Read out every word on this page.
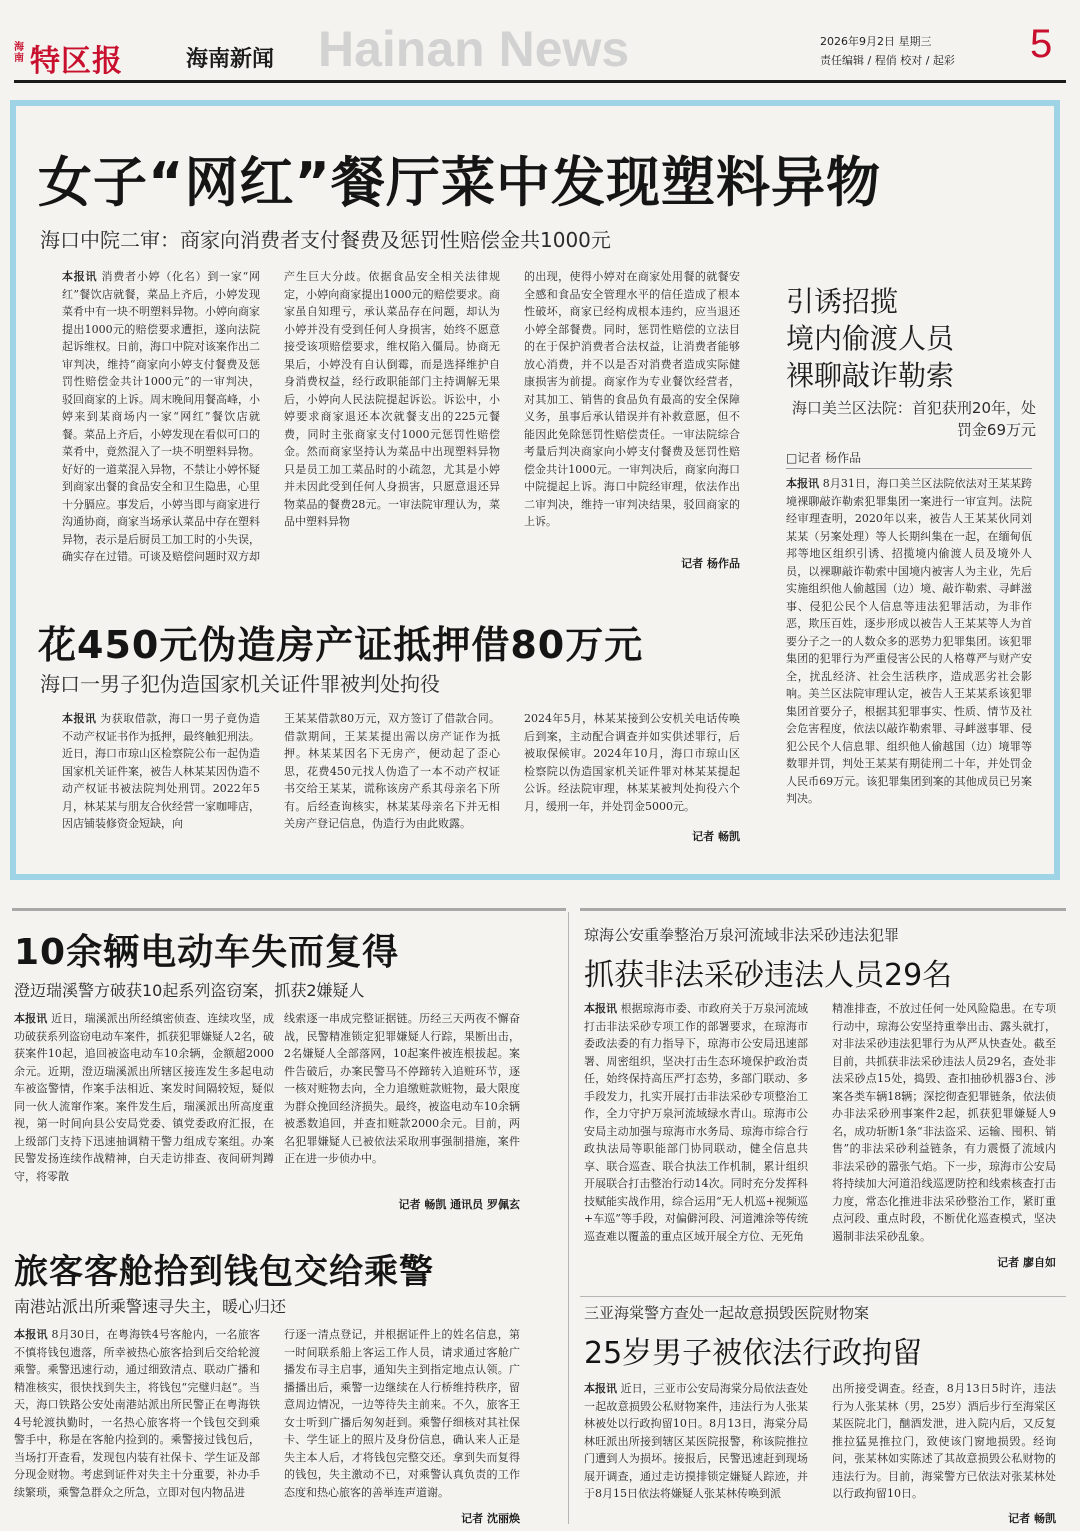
海南 特区报	海南新闻 Hainan News	2026年9月2日 星期三
责任编辑 / 程俏 校对 / 起彩 5
女子“网红”餐厅菜中发现塑料异物
海口中院二审：商家向消费者支付餐费及惩罚性赔偿金共1000元
本报讯 消费者小婷（化名）到一家“网红”餐饮店就餐，菜品上齐后，小婷发现菜肴中有一块不明塑料异物。小婷向商家提出1000元的赔偿要求遭拒，遂向法院起诉维权。日前，海口中院对该案作出二审判决，维持“商家向小婷支付餐费及惩罚性赔偿金共计1000元”的一审判决，驳回商家的上诉。周末晚间用餐高峰，小婷来到某商场内一家“网红”餐饮店就餐。菜品上齐后，小婷发现在看似可口的菜肴中，竟然混入了一块不明塑料异物。好好的一道菜混入异物，不禁让小婷怀疑到商家出餐的食品安全和卫生隐患，心里十分膈应。事发后，小婷当即与商家进行沟通协商，商家当场承认菜品中存在塑料异物，表示是后厨员工加工时的小失误，确实存在过错。可谈及赔偿问题时双方却
产生巨大分歧。依据食品安全相关法律规定，小婷向商家提出1000元的赔偿要求。商家虽自知理亏，承认菜品存在问题，却认为小婷并没有受到任何人身损害，始终不愿意接受该项赔偿要求，维权陷入僵局。协商无果后，小婷没有自认倒霉，而是选择维护自身消费权益，经行政职能部门主持调解无果后，小婷向人民法院提起诉讼。诉讼中，小婷要求商家退还本次就餐支出的225元餐费，同时主张商家支付1000元惩罚性赔偿金。然而商家坚持认为菜品中出现塑料异物只是员工加工菜品时的小疏忽，尤其是小婷并未因此受到任何人身损害，只愿意退还异物菜品的餐费28元。一审法院审理认为，菜品中塑料异物
的出现，使得小婷对在商家处用餐的就餐安全感和食品安全管理水平的信任造成了根本性破坏，商家已经构成根本违约，应当退还小婷全部餐费。同时，惩罚性赔偿的立法目的在于保护消费者合法权益，让消费者能够放心消费，并不以是否对消费者造成实际健康损害为前提。商家作为专业餐饮经营者，对其加工、销售的食品负有最高的安全保障义务，虽事后承认错误并有补救意愿，但不能因此免除惩罚性赔偿责任。一审法院综合考量后判决商家向小婷支付餐费及惩罚性赔偿金共计1000元。一审判决后，商家向海口中院提起上诉。海口中院经审理，依法作出二审判决，维持一审判决结果，驳回商家的上诉。
记者 杨作品
花450元伪造房产证抵押借80万元
海口一男子犯伪造国家机关证件罪被判处拘役
本报讯 为获取借款，海口一男子竟伪造不动产权证书作为抵押，最终触犯刑法。近日，海口市琼山区检察院公布一起伪造国家机关证件案，被告人林某某因伪造不动产权证书被法院判处刑罚。2022年5月，林某某与朋友合伙经营一家咖啡店，因店铺装修资金短缺，向
王某某借款80万元，双方签订了借款合同。借款期间，王某某提出需以房产证作为抵押。林某某因名下无房产，便动起了歪心思，花费450元找人伪造了一本不动产权证书交给王某某，谎称该房产系其母亲名下所有。后经查询核实，林某某母亲名下并无相关房产登记信息，伪造行为由此败露。
2024年5月，林某某接到公安机关电话传唤后到案，主动配合调查并如实供述罪行，后被取保候审。2024年10月，海口市琼山区检察院以伪造国家机关证件罪对林某某提起公诉。经法院审理，林某某被判处拘役六个月，缓刑一年，并处罚金5000元。
记者 畅凯
引诱招揽
境内偷渡人员
裸聊敲诈勒索
海口美兰区法院：首犯获刑20年，处罚金69万元
□记者 杨作品
本报讯 8月31日，海口美兰区法院依法对王某某跨境裸聊敲诈勒索犯罪集团一案进行一审宣判。法院经审理查明，2020年以来，被告人王某某伙同刘某某（另案处理）等人长期纠集在一起，在缅甸佤邦等地区组织引诱、招揽境内偷渡人员及境外人员，以裸聊敲诈勒索中国境内被害人为主业，先后实施组织他人偷越国（边）境、敲诈勒索、寻衅滋事、侵犯公民个人信息等违法犯罪活动，为非作恶，欺压百姓，逐步形成以被告人王某某等人为首要分子之一的人数众多的恶势力犯罪集团。该犯罪集团的犯罪行为严重侵害公民的人格尊严与财产安全，扰乱经济、社会生活秩序，造成恶劣社会影响。美兰区法院审理认定，被告人王某某系该犯罪集团首要分子，根据其犯罪事实、性质、情节及社会危害程度，依法以敲诈勒索罪、寻衅滋事罪、侵犯公民个人信息罪、组织他人偷越国（边）境罪等数罪并罚，判处王某某有期徒刑二十年，并处罚金人民币69万元。该犯罪集团到案的其他成员已另案判决。
10余辆电动车失而复得
澄迈瑞溪警方破获10起系列盗窃案，抓获2嫌疑人
本报讯 近日，瑞溪派出所经缜密侦查、连续攻坚，成功破获系列盗窃电动车案件，抓获犯罪嫌疑人2名，破获案件10起，追回被盗电动车10余辆，金额超2000余元。近期，澄迈瑞溪派出所辖区接连发生多起电动车被盗警情，作案手法相近、案发时间隔较短，疑似同一伙人流窜作案。案件发生后，瑞溪派出所高度重视，第一时间向县公安局党委、镇党委政府汇报，在上级部门支持下迅速抽调精干警力组成专案组。办案民警发扬连续作战精神，白天走访排查、夜间研判蹲守，将零散
线索逐一串成完整证据链。历经三天两夜不懈奋战，民警精准锁定犯罪嫌疑人行踪，果断出击，2名嫌疑人全部落网，10起案件被连根拔起。案件告破后，办案民警马不停蹄转入追赃环节，逐一核对赃物去向，全力追缴赃款赃物，最大限度为群众挽回经济损失。最终，被盗电动车10余辆被悉数追回，并查扣赃款2000余元。目前，两名犯罪嫌疑人已被依法采取刑事强制措施，案件正在进一步侦办中。
记者 畅凯 通讯员 罗佩玄
旅客客舱拾到钱包交给乘警
南港站派出所乘警速寻失主，暖心归还
本报讯 8月30日，在粤海铁4号客舱内，一名旅客不慎将钱包遗落，所幸被热心旅客拾到后交给轮渡乘警。乘警迅速行动，通过细致清点、联动广播和精准核实，很快找到失主，将钱包“完璧归赵”。当天，海口铁路公安处南港站派出所民警正在粤海铁4号轮渡执勤时，一名热心旅客将一个钱包交到乘警手中，称是在客舱内捡到的。乘警接过钱包后，当场打开查看，发现包内装有社保卡、学生证及部分现金财物。考虑到证件对失主十分重要，补办手续繁琐，乘警急群众之所急，立即对包内物品进
行逐一清点登记，并根据证件上的姓名信息，第一时间联系船上客运工作人员，请求通过客舱广播发布寻主启事，通知失主到指定地点认领。广播播出后，乘警一边继续在人行桥维持秩序，留意周边情况，一边等待失主前来。不久，旅客王女士听到广播后匆匆赶到。乘警仔细核对其社保卡、学生证上的照片及身份信息，确认来人正是失主本人后，才将钱包完整交还。拿到失而复得的钱包，失主激动不已，对乘警认真负责的工作态度和热心旅客的善举连声道谢。
记者 沈丽焕
琼海公安重拳整治万泉河流域非法采砂违法犯罪
抓获非法采砂违法人员29名
本报讯 根据琼海市委、市政府关于万泉河流域打击非法采砂专项工作的部署要求，在琼海市委政法委的有力指导下，琼海市公安局迅速部署、周密组织，坚决打击生态环境保护政治责任，始终保持高压严打态势，多部门联动、多手段发力，扎实开展打击非法采砂专项整治工作，全力守护万泉河流域绿水青山。琼海市公安局主动加强与琼海市水务局、琼海市综合行政执法局等职能部门协同联动，健全信息共享、联合巡查、联合执法工作机制，累计组织开展联合打击整治行动14次。同时充分发挥科技赋能实战作用，综合运用“无人机巡+视频巡+车巡”等手段，对偏僻河段、河道滩涂等传统巡查难以覆盖的重点区域开展全方位、无死角
精准排查，不放过任何一处风险隐患。在专项行动中，琼海公安坚持重拳出击、露头就打，对非法采砂违法犯罪行为从严从快查处。截至目前，共抓获非法采砂违法人员29名，查处非法采砂点15处，捣毁、查扣抽砂机器3台、涉案各类车辆18辆；深挖彻查犯罪链条，依法侦办非法采砂刑事案件2起，抓获犯罪嫌疑人9名，成功斩断1条“非法盗采、运输、囤积、销售”的非法采砂利益链条，有力震慑了流域内非法采砂的嚣张气焰。下一步，琼海市公安局将持续加大河道沿线巡逻防控和线索核查打击力度，常态化推进非法采砂整治工作，紧盯重点河段、重点时段，不断优化巡查模式，坚决遏制非法采砂乱象。
记者 廖自如
三亚海棠警方查处一起故意损毁医院财物案
25岁男子被依法行政拘留
本报讯 近日，三亚市公安局海棠分局依法查处一起故意损毁公私财物案件，违法行为人张某林被处以行政拘留10日。8月13日，海棠分局林旺派出所接到辖区某医院报警，称该院推拉门遭到人为损坏。接报后，民警迅速赶到现场展开调查，通过走访摸排锁定嫌疑人踪迹，并于8月15日依法将嫌疑人张某林传唤到派
出所接受调查。经查，8月13日5时许，违法行为人张某林（男，25岁）酒后步行至海棠区某医院北门，酗酒发泄，进入院内后，又反复推拉猛晃推拉门，致使该门窗地损毁。经询问，张某林如实陈述了其故意损毁公私财物的违法行为。目前，海棠警方已依法对张某林处以行政拘留10日。
记者 畅凯
